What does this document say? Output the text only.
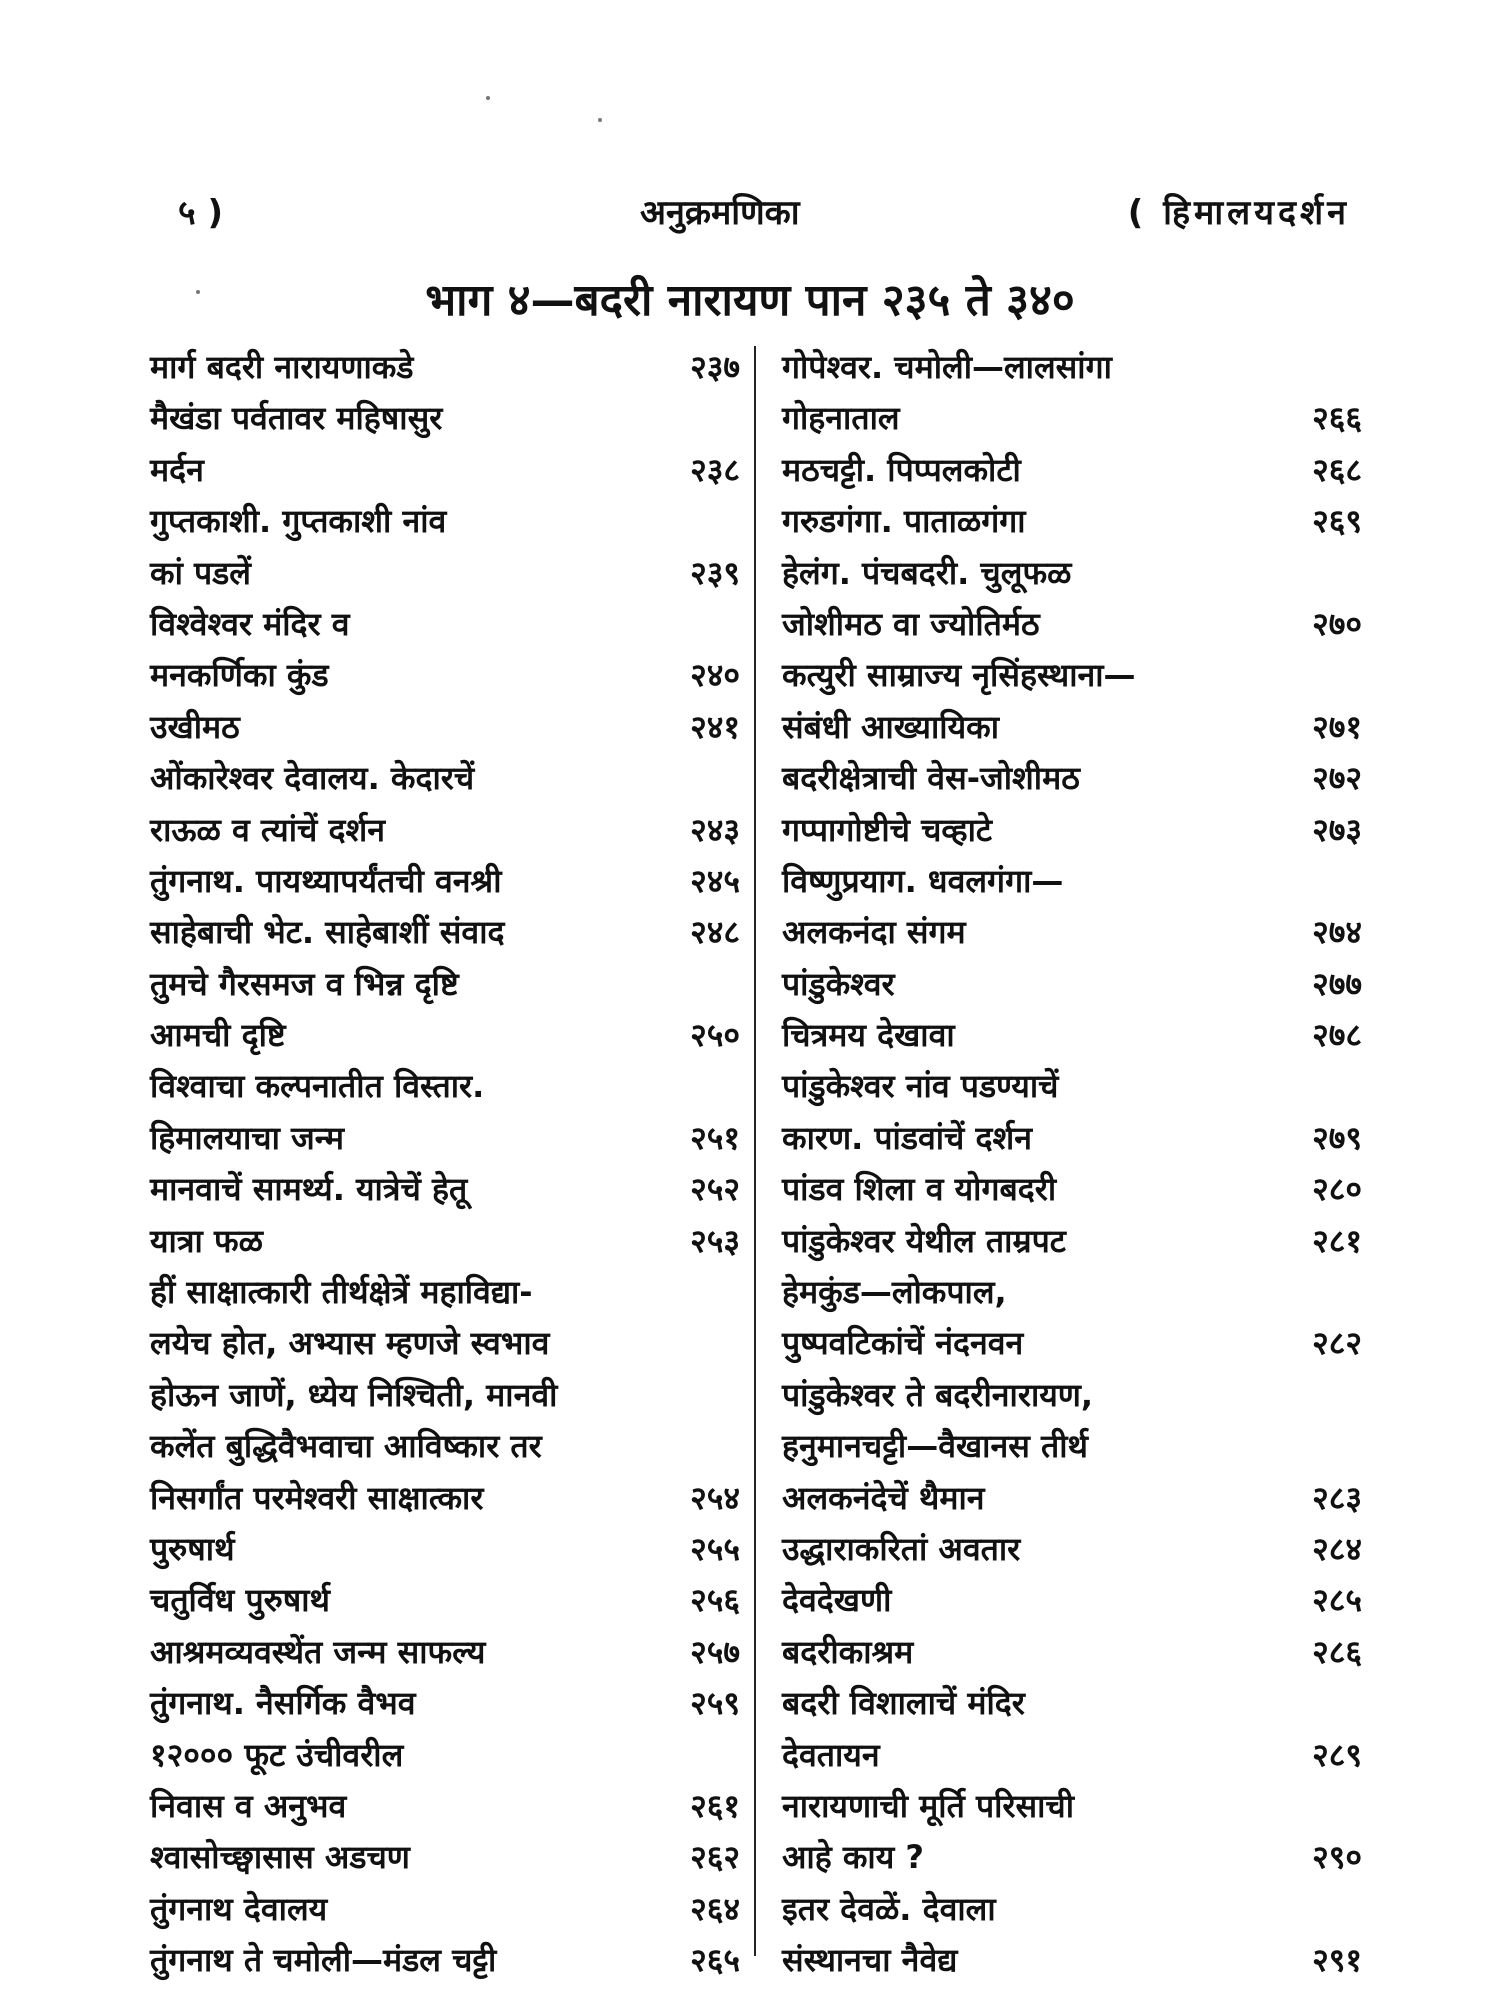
५ )	अनुक्रमणिका	( हिमालयदर्शन
भाग ४—बदरी नारायण पान २३५ ते ३४०
मार्ग बदरी नारायणाकडे	२३७
मैखंडा पर्वतावर महिषासुर
मर्दन	२३८
गुप्तकाशी. गुप्तकाशी नांव
कां पडलें	२३९
विश्वेश्वर मंदिर व
मनकर्णिका कुंड	२४०
उखीमठ	२४१
ओंकारेश्वर देवालय. केदारचें
राऊळ व त्यांचें दर्शन	२४३
तुंगनाथ. पायथ्यापर्यंतची वनश्री	२४५
साहेबाची भेट. साहेबाशीं संवाद	२४८
तुमचे गैरसमज व भिन्न दृष्टि
आमची दृष्टि	२५०
विश्वाचा कल्पनातीत विस्तार.
हिमालयाचा जन्म	२५१
मानवाचें सामर्थ्य. यात्रेचें हेतू	२५२
यात्रा फळ	२५३
हीं साक्षात्कारी तीर्थक्षेत्रें महाविद्या-
लयेच होत, अभ्यास म्हणजे स्वभाव
होऊन जाणें, ध्येय निश्चिती, मानवी
कलेंत बुद्धिवैभवाचा आविष्कार तर
निसर्गांत परमेश्वरी साक्षात्कार	२५४
पुरुषार्थ	२५५
चतुर्विध पुरुषार्थ	२५६
आश्रमव्यवस्थेंत जन्म साफल्य	२५७
तुंगनाथ. नैसर्गिक वैभव	२५९
१२००० फूट उंचीवरील
निवास व अनुभव	२६१
श्वासोच्छ्वासास अडचण	२६२
तुंगनाथ देवालय	२६४
तुंगनाथ ते चमोली—मंडल चट्टी	२६५
गोपेश्वर. चमोली—लालसांगा
गोहनाताल	२६६
मठचट्टी. पिप्पलकोटी	२६८
गरुडगंगा. पाताळगंगा	२६९
हेलंग. पंचबदरी. चुलूफळ
जोशीमठ वा ज्योतिर्मठ	२७०
कत्युरी साम्राज्य नृसिंहस्थाना—
संबंधी आख्यायिका	२७१
बदरीक्षेत्राची वेस-जोशीमठ	२७२
गप्पागोष्टीचे चव्हाटे	२७३
विष्णुप्रयाग. धवलगंगा—
अलकनंदा संगम	२७४
पांडुकेश्वर	२७७
चित्रमय देखावा	२७८
पांडुकेश्वर नांव पडण्याचें
कारण. पांडवांचें दर्शन	२७९
पांडव शिला व योगबदरी	२८०
पांडुकेश्वर येथील ताम्रपट	२८१
हेमकुंड—लोकपाल,
पुष्पवटिकांचें नंदनवन	२८२
पांडुकेश्वर ते बदरीनारायण,
हनुमानचट्टी—वैखानस तीर्थ
अलकनंदेचें थैमान	२८३
उद्धाराकरितां अवतार	२८४
देवदेखणी	२८५
बदरीकाश्रम	२८६
बदरी विशालाचें मंदिर
देवतायन	२८९
नारायणाची मूर्ति परिसाची
आहे काय ?	२९०
इतर देवळें. देवाला
संस्थानचा नैवेद्य	२९१
